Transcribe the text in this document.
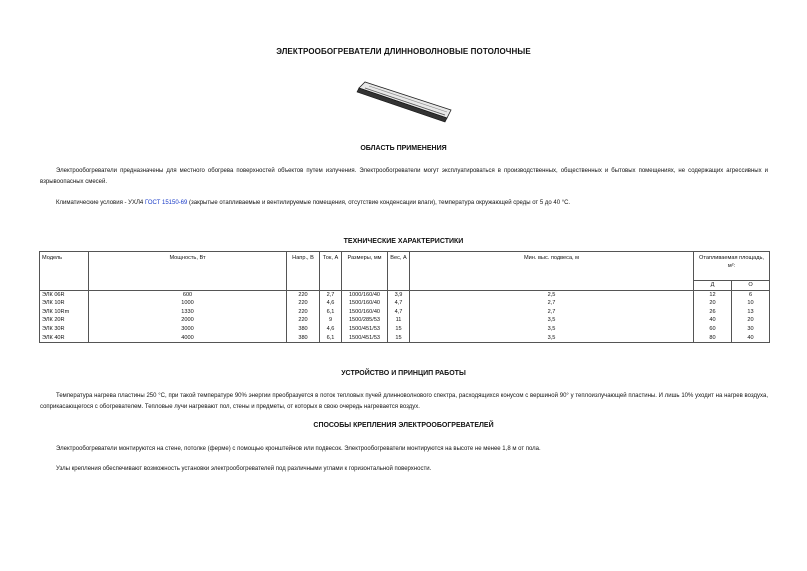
ЭЛЕКТРООБОГРЕВАТЕЛИ ДЛИННОВОЛНОВЫЕ ПОТОЛОЧНЫЕ
ОБЛАСТЬ ПРИМЕНЕНИЯ
Электрообогреватели предназначены для местного обогрева поверхностей объектов путем излучения. Электрообогреватели могут эксплуатироваться в производственных, общественных и бытовых помещениях, не содержащих агрессивных и взрывоопасных смесей.
Климатические условия - УХЛ4 ГОСТ 15150-69 (закрытые отапливаемые и вентилируемые помещения, отсутствие конденсации влаги), температура окружающей среды от 5 до 40 °С.
ТЕХНИЧЕСКИЕ ХАРАКТЕРИСТИКИ
Модель	Мощность, Вт	Напр., В	Ток, А	Размеры, мм	Вес, А	Мин. выс. подвеса, м	Отапливаемая площадь, м²:	
							Д	О
ЭЛК 06R	600	220	2,7	1000/160/40	3,9	2,5	12	6
ЭЛК 10R	1000	220	4,6	1500/160/40	4,7	2,7	20	10
ЭЛК 10Rm	1330	220	6,1	1500/160/40	4,7	2,7	26	13
ЭЛК 20R	2000	220	9	1500/285/53	11	3,5	40	20
ЭЛК 30R	3000	380	4,6	1500/451/53	15	3,5	60	30
ЭЛК 40R	4000	380	6,1	1500/451/53	15	3,5	80	40
УСТРОЙСТВО И ПРИНЦИП РАБОТЫ
Температура нагрева пластины 250 °С, при такой температуре 90% энергии преобразуется в поток тепловых пучей длинноволнового спектра, расходящихся конусом с вершиной 90° у теплоизлучающей пластины. И лишь 10% уходит на нагрев воздуха, соприкасающегося с обогревателем. Тепловые лучи нагревают пол, стены и предметы, от которых в свою очередь нагревается воздух.
СПОСОБЫ КРЕПЛЕНИЯ ЭЛЕКТРООБОГРЕВАТЕЛЕЙ
Электрообогреватели монтируются на стене, потолке (ферме) с помощью кронштейнов или подвесок. Электрообогреватели монтируются на высоте не менее 1,8 м от пола.
Узлы крепления обеспечивают возможность установки электрообогревателей под различными углами к горизонтальной поверхности.
